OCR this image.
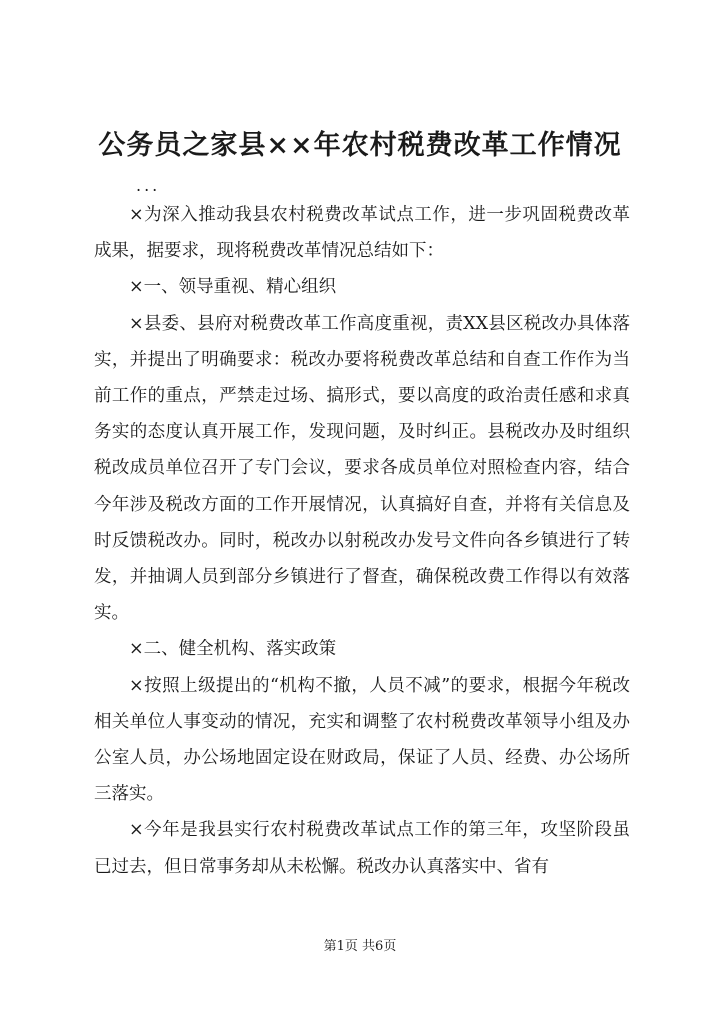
公务员之家县××年农村税费改革工作情况
...

×为深入推动我县农村税费改革试点工作，进一步巩固税费改革成果，据要求，现将税费改革情况总结如下：

×一、领导重视、精心组织

×县委、县府对税费改革工作高度重视，责XX县区税改办具体落实，并提出了明确要求：税改办要将税费改革总结和自查工作作为当前工作的重点，严禁走过场、搞形式，要以高度的政治责任感和求真务实的态度认真开展工作，发现问题，及时纠正。县税改办及时组织税改成员单位召开了专门会议，要求各成员单位对照检查内容，结合今年涉及税改方面的工作开展情况，认真搞好自查，并将有关信息及时反馈税改办。同时，税改办以射税改办发号文件向各乡镇进行了转发，并抽调人员到部分乡镇进行了督查，确保税改费工作得以有效落实。

×二、健全机构、落实政策

×按照上级提出的“机构不撤，人员不减”的要求，根据今年税改相关单位人事变动的情况，充实和调整了农村税费改革领导小组及办公室人员，办公场地固定设在财政局，保证了人员、经费、办公场所三落实。

×今年是我县实行农村税费改革试点工作的第三年，攻坚阶段虽已过去，但日常事务却从未松懈。税改办认真落实中、省有

第1页 共6页
